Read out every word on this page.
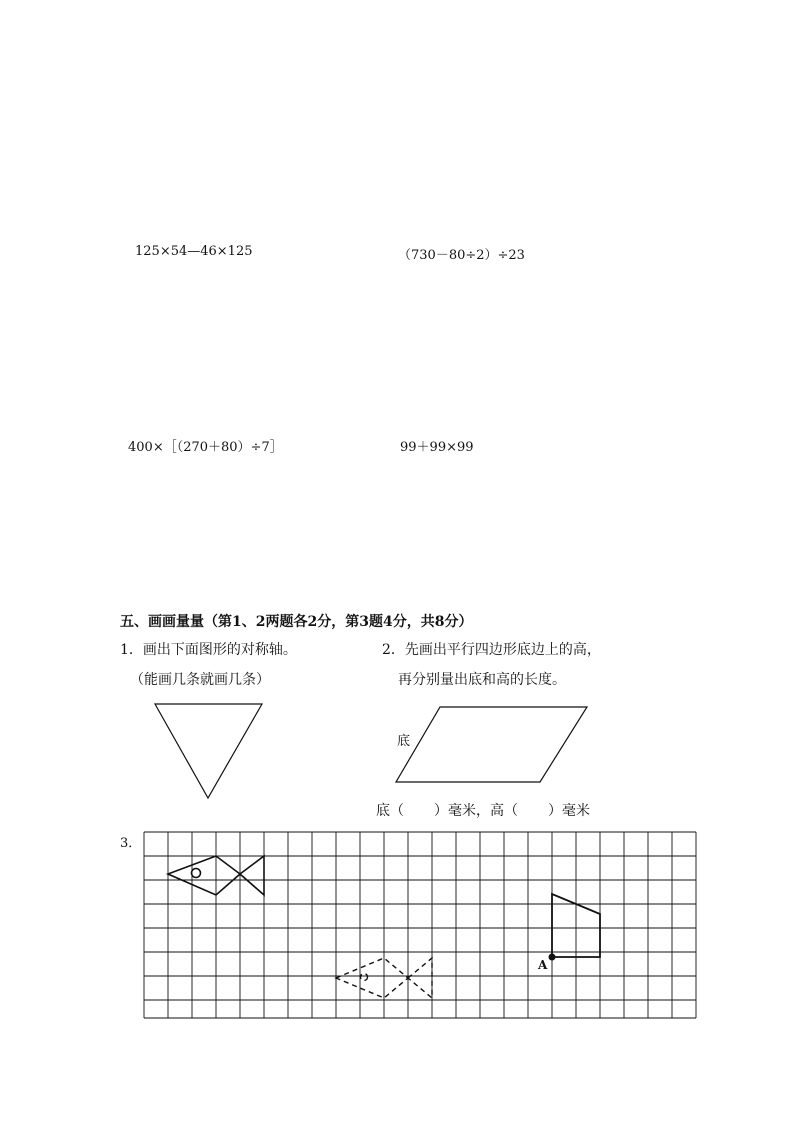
125×54—46×125	（730－80÷2）÷23
400×［（270＋80）÷7］	99＋99×99
五、画画量量（第1、2两题各2分，第3题4分，共8分）
1．画出下面图形的对称轴。
（能画几条就画几条）
2．先画出平行四边形底边上的高，
再分别量出底和高的长度。
底
底（ ）毫米，高（ ）毫米
3．
A
